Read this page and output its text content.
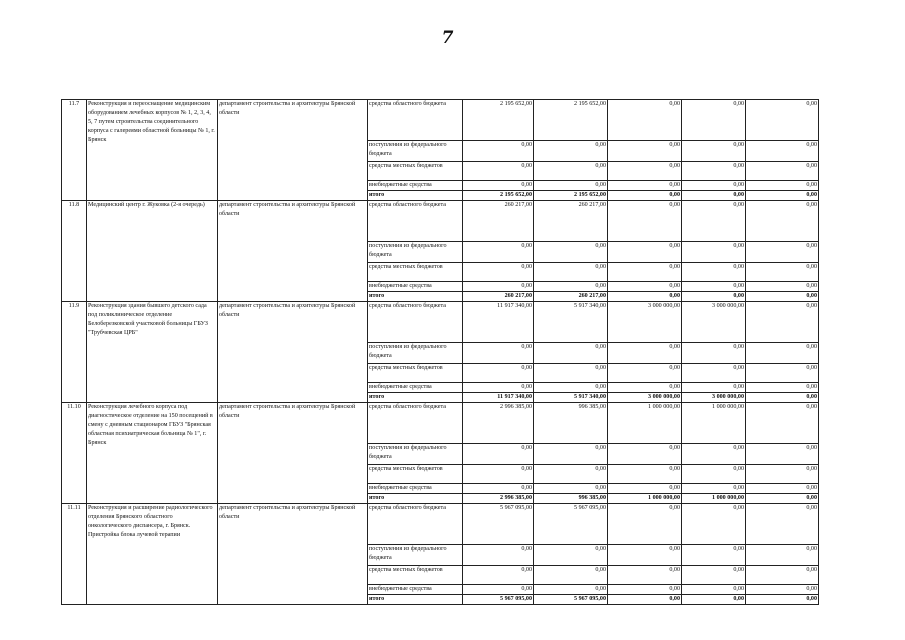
7
11.7	Реконструкция и переоснащение медицинским оборудованием лечебных корпусов № 1, 2, 3, 4, 5, 7 путем строительства соединительного корпуса с галереями областной больницы № 1, г. Брянск	департамент строительства и архитектуры Брянской области	средства областного бюджета	2 195 652,00	2 195 652,00	0,00	0,00	0,00
			поступления из федерального бюджета	0,00	0,00	0,00	0,00	0,00
			средства местных бюджетов	0,00	0,00	0,00	0,00	0,00
			внебюджетные средства	0,00	0,00	0,00	0,00	0,00
			итого	2 195 652,00	2 195 652,00	0,00	0,00	0,00
11.8	Медицинский центр г. Жуковка (2-я очередь)	департамент строительства и архитектуры Брянской области	средства областного бюджета	260 217,00	260 217,00	0,00	0,00	0,00
			поступления из федерального бюджета	0,00	0,00	0,00	0,00	0,00
			средства местных бюджетов	0,00	0,00	0,00	0,00	0,00
			внебюджетные средства	0,00	0,00	0,00	0,00	0,00
			итого	260 217,00	260 217,00	0,00	0,00	0,00
11.9	Реконструкция здания бывшего детского сада под поликлиническое отделение Белоберезковской участковой больницы ГБУЗ "Трубчевская ЦРБ"	департамент строительства и архитектуры Брянской области	средства областного бюджета	11 917 340,00	5 917 340,00	3 000 000,00	3 000 000,00	0,00
			поступления из федерального бюджета	0,00	0,00	0,00	0,00	0,00
			средства местных бюджетов	0,00	0,00	0,00	0,00	0,00
			внебюджетные средства	0,00	0,00	0,00	0,00	0,00
			итого	11 917 340,00	5 917 340,00	3 000 000,00	3 000 000,00	0,00
11.10	Реконструкция лечебного корпуса под диагностическое отделение на 150 посещений в смену с дневным стационаром ГБУЗ "Брянская областная психиатрическая больница № 1", г. Брянск	департамент строительства и архитектуры Брянской области	средства областного бюджета	2 996 385,00	996 385,00	1 000 000,00	1 000 000,00	0,00
			поступления из федерального бюджета	0,00	0,00	0,00	0,00	0,00
			средства местных бюджетов	0,00	0,00	0,00	0,00	0,00
			внебюджетные средства	0,00	0,00	0,00	0,00	0,00
			итого	2 996 385,00	996 385,00	1 000 000,00	1 000 000,00	0,00
11.11	Реконструкция и расширение радиологического отделения Брянского областного онкологического диспансера, г. Брянск. Пристройка блока лучевой терапии	департамент строительства и архитектуры Брянской области	средства областного бюджета	5 967 095,00	5 967 095,00	0,00	0,00	0,00
			поступления из федерального бюджета	0,00	0,00	0,00	0,00	0,00
			средства местных бюджетов	0,00	0,00	0,00	0,00	0,00
			внебюджетные средства	0,00	0,00	0,00	0,00	0,00
			итого	5 967 095,00	5 967 095,00	0,00	0,00	0,00
